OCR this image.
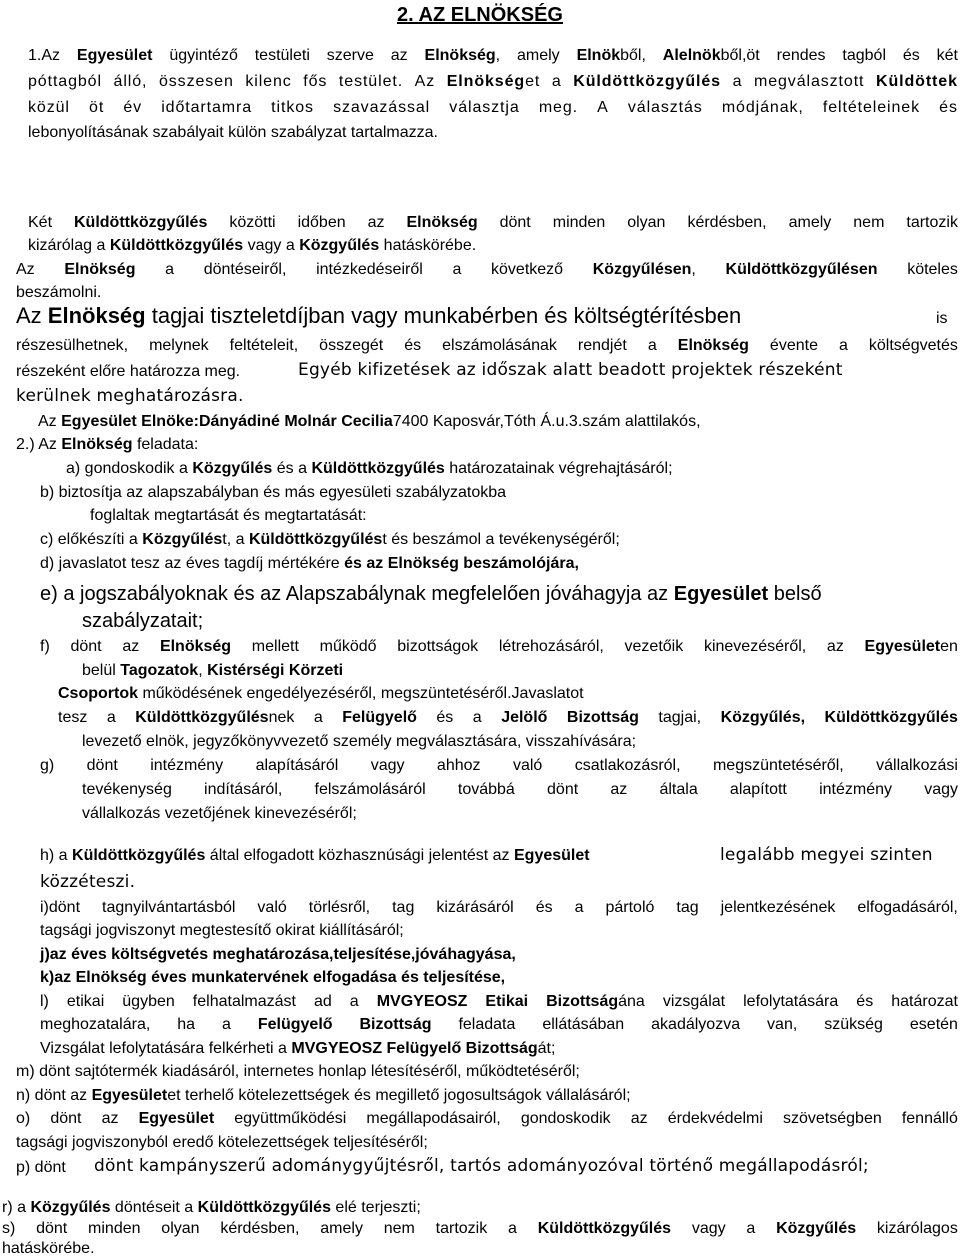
2. AZ ELNÖKSÉG
1.Az Egyesület ügyintéző testületi szerve az Elnökség, amely Elnökből, Alelnökből,öt rendes tagból és két
póttagból álló, összesen kilenc fős testület. Az Elnökséget a Küldöttközgyűlés a megválasztott Küldöttek
közül öt év időtartamra titkos szavazással választja meg. A választás módjának, feltételeinek és
lebonyolításának szabályait külön szabályzat tartalmazza.
Két Küldöttközgyűlés közötti időben az Elnökség dönt minden olyan kérdésben, amely nem tartozik
kizárólag a Küldöttközgyűlés vagy a Közgyűlés hatáskörébe.
Az Elnökség a döntéseiről, intézkedéseiről a következő Közgyűlésen, Küldöttközgyűlésen köteles
beszámolni.
Az Elnökség tagjai tiszteletdíjban vagy munkabérben és költségtérítésben	is
részesülhetnek, melynek feltételeit, összegét és elszámolásának rendjét a Elnökség évente a költségvetés
részeként előre határozza meg.	Egyéb kifizetések az időszak alatt beadott projektek részeként
kerülnek meghatározásra.
Az Egyesület Elnöke:Dányádiné Molnár Cecilia7400 Kaposvár,Tóth Á.u.3.szám alattilakós,
2.) Az Elnökség feladata:
a) gondoskodik a Közgyűlés és a Küldöttközgyűlés határozatainak végrehajtásáról;
b) biztosítja az alapszabályban és más egyesületi szabályzatokba
foglaltak megtartását és megtartatását:
c) előkészíti a Közgyűlést, a Küldöttközgyűlést és beszámol a tevékenységéről;
d) javaslatot tesz az éves tagdíj mértékére és az Elnökség beszámolójára,
e) a jogszabályoknak és az Alapszabálynak megfelelően jóváhagyja az Egyesület belső
szabályzatait;
f) dönt az Elnökség mellett működő bizottságok létrehozásáról, vezetőik kinevezéséről, az Egyesületen
belül Tagozatok, Kistérségi Körzeti
Csoportok működésének engedélyezéséről, megszüntetéséről.Javaslatot
tesz a Küldöttközgyűlésnek a Felügyelő és a Jelölő Bizottság tagjai, Közgyűlés, Küldöttközgyűlés
levezető elnök, jegyzőkönyvvezető személy megválasztására, visszahívására;
g) dönt intézmény alapításáról vagy ahhoz való csatlakozásról, megszüntetéséről, vállalkozási
tevékenység indításáról, felszámolásáról továbbá dönt az általa alapított intézmény vagy
vállalkozás vezetőjének kinevezéséről;
h) a Küldöttközgyűlés által elfogadott közhasznúsági jelentést az Egyesület	legalább megyei szinten
közzéteszi.
i)dönt tagnyilvántartásból való törlésről, tag kizárásáról és a pártoló tag jelentkezésének elfogadásáról,
tagsági jogviszonyt megtestesítő okirat kiállításáról;
j)az éves költségvetés meghatározása,teljesítése,jóváhagyása,
k)az Elnökség éves munkatervének elfogadása és teljesítése,
l) etikai ügyben felhatalmazást ad a MVGYEOSZ Etikai Bizottságána vizsgálat lefolytatására és határozat
meghozatalára, ha a Felügyelő Bizottság feladata ellátásában akadályozva van, szükség esetén
Vizsgálat lefolytatására felkérheti a MVGYEOSZ Felügyelő Bizottságát;
m) dönt sajtótermék kiadásáról, internetes honlap létesítéséről, működtetéséről;
n) dönt az Egyesületet terhelő kötelezettségek és megillető jogosultságok vállalásáról;
o) dönt az Egyesület együttműködési megállapodásairól, gondoskodik az érdekvédelmi szövetségben fennálló
tagsági jogviszonyból eredő kötelezettségek teljesítéséről;
p) dönt dönt kampányszerű adománygyűjtésről, tartós adományozóval történő megállapodásról;
r) a Közgyűlés döntéseit a Küldöttközgyűlés elé terjeszti;
s) dönt minden olyan kérdésben, amely nem tartozik a Küldöttközgyűlés vagy a Közgyűlés kizárólagos
hatáskörébe.
